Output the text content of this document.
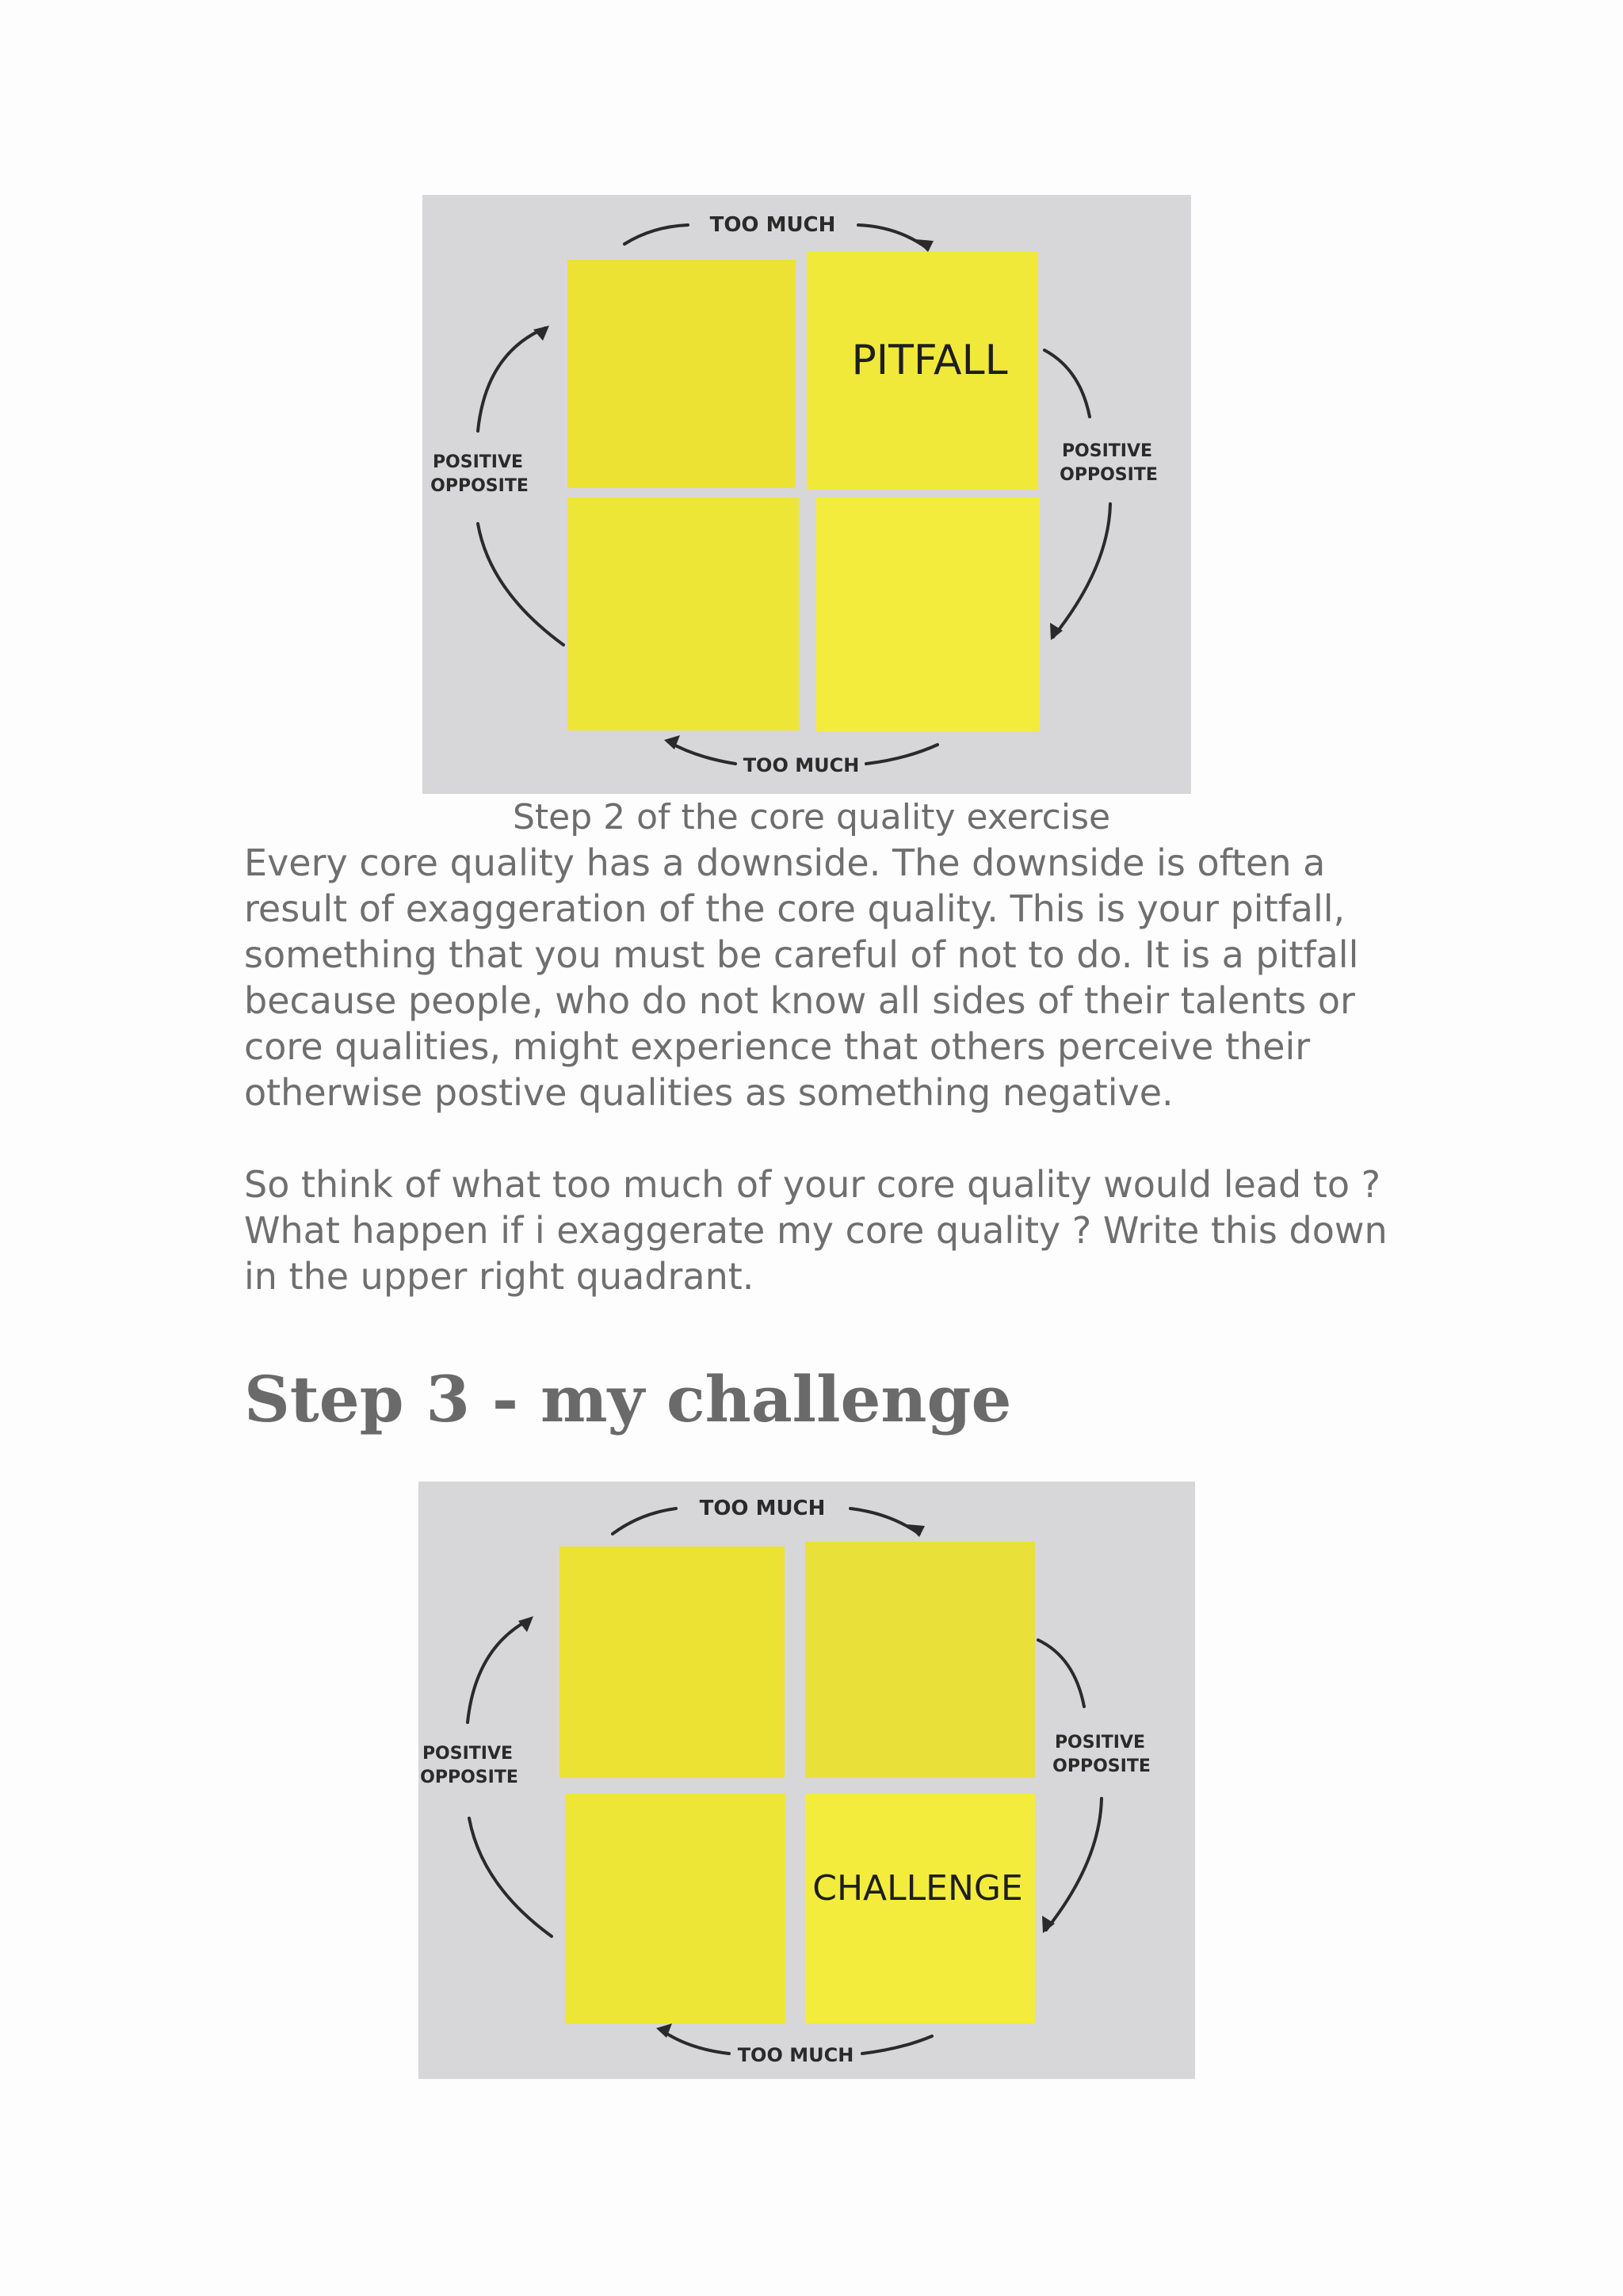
TOO MUCH
TOO MUCH
POSITIVE
OPPOSITE
POSITIVE
OPPOSITE
PITFALL
Step 2 of the core quality exercise

Every core quality has a downside. The downside is often a result of exaggeration of the core quality. This is your pitfall, something that you must be careful of not to do. It is a pitfall because people, who do not know all sides of their talents or core qualities, might experience that others perceive their otherwise postive qualities as something negative.

So think of what too much of your core quality would lead to ? What happen if i exaggerate my core quality ? Write this down in the upper right quadrant.

Step 3 - my challenge
TOO MUCH
TOO MUCH
POSITIVE
OPPOSITE
POSITIVE
OPPOSITE
CHALLENGE
